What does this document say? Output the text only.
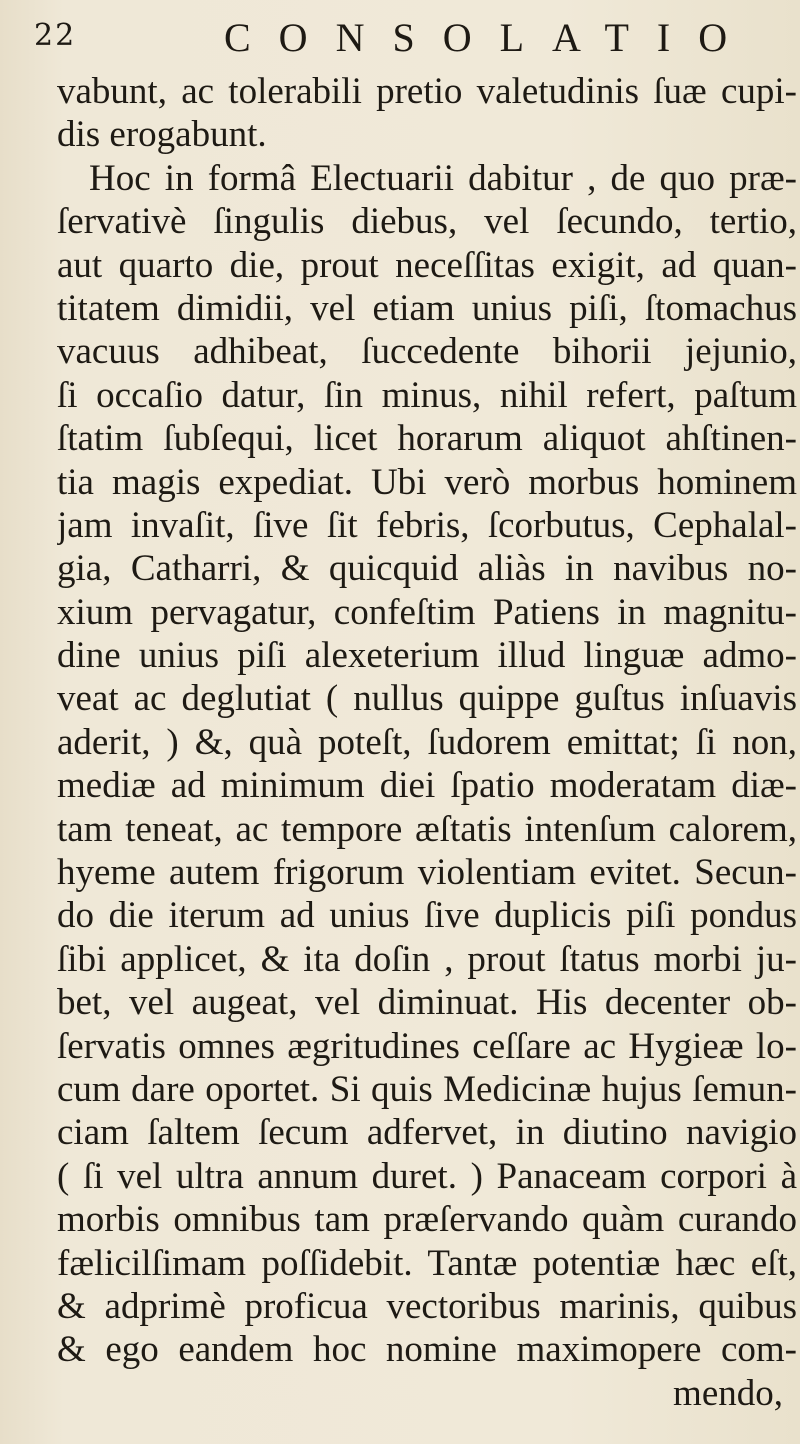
22	CONSOLATIO
vabunt, ac tolerabili pretio valetudinis ſuæ cupi-
dis erogabunt.
Hoc in formâ Electuarii dabitur , de quo præ-
ſervativè ſingulis diebus, vel ſecundo, tertio,
aut quarto die, prout neceſſitas exigit, ad quan-
titatem dimidii, vel etiam unius piſi, ſtomachus
vacuus adhibeat, ſuccedente bihorii jejunio,
ſi occaſio datur, ſin minus, nihil refert, paſtum
ſtatim ſubſequi, licet horarum aliquot ahſtinen-
tia magis expediat. Ubi verò morbus hominem
jam invaſit, ſive ſit febris, ſcorbutus, Cephalal-
gia, Catharri, & quicquid aliàs in navibus no-
xium pervagatur, confeſtim Patiens in magnitu-
dine unius piſi alexeterium illud linguæ admo-
veat ac deglutiat ( nullus quippe guſtus inſuavis
aderit, ) &, quà poteſt, ſudorem emittat; ſi non,
mediæ ad minimum diei ſpatio moderatam diæ-
tam teneat, ac tempore æſtatis intenſum calorem,
hyeme autem frigorum violentiam evitet. Secun-
do die iterum ad unius ſive duplicis piſi pondus
ſibi applicet, & ita doſin , prout ſtatus morbi ju-
bet, vel augeat, vel diminuat. His decenter ob-
ſervatis omnes ægritudines ceſſare ac Hygieæ lo-
cum dare oportet. Si quis Medicinæ hujus ſemun-
ciam ſaltem ſecum adfervet, in diutino navigio
( ſi vel ultra annum duret. ) Panaceam corpori à
morbis omnibus tam præſervando quàm curando
fælicilſimam poſſidebit. Tantæ potentiæ hæc eſt,
& adprimè proficua vectoribus marinis, quibus
& ego eandem hoc nomine maximopere com-
mendo,
